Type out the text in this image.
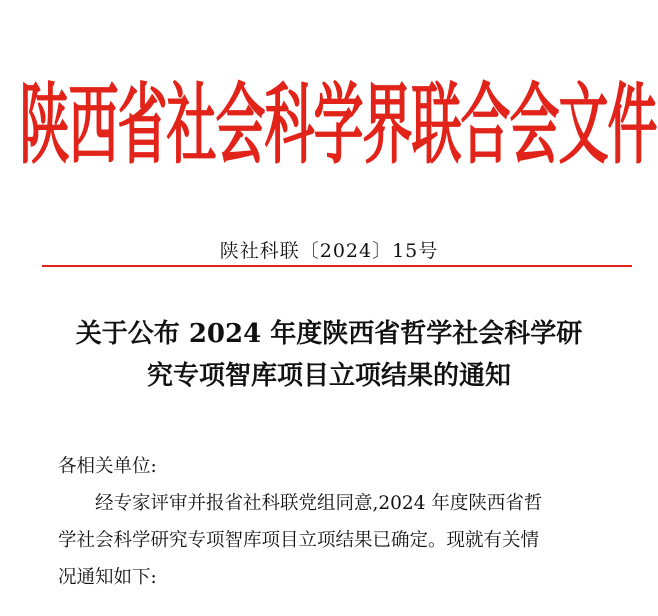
陕西省社会科学界联合会文件
陕社科联〔2024〕15号
关于公布 2024 年度陕西省哲学社会科学研
究专项智库项目立项结果的通知
各相关单位:
经专家评审并报省社科联党组同意,2024 年度陕西省哲
学社会科学研究专项智库项目立项结果已确定。现就有关情
况通知如下:
